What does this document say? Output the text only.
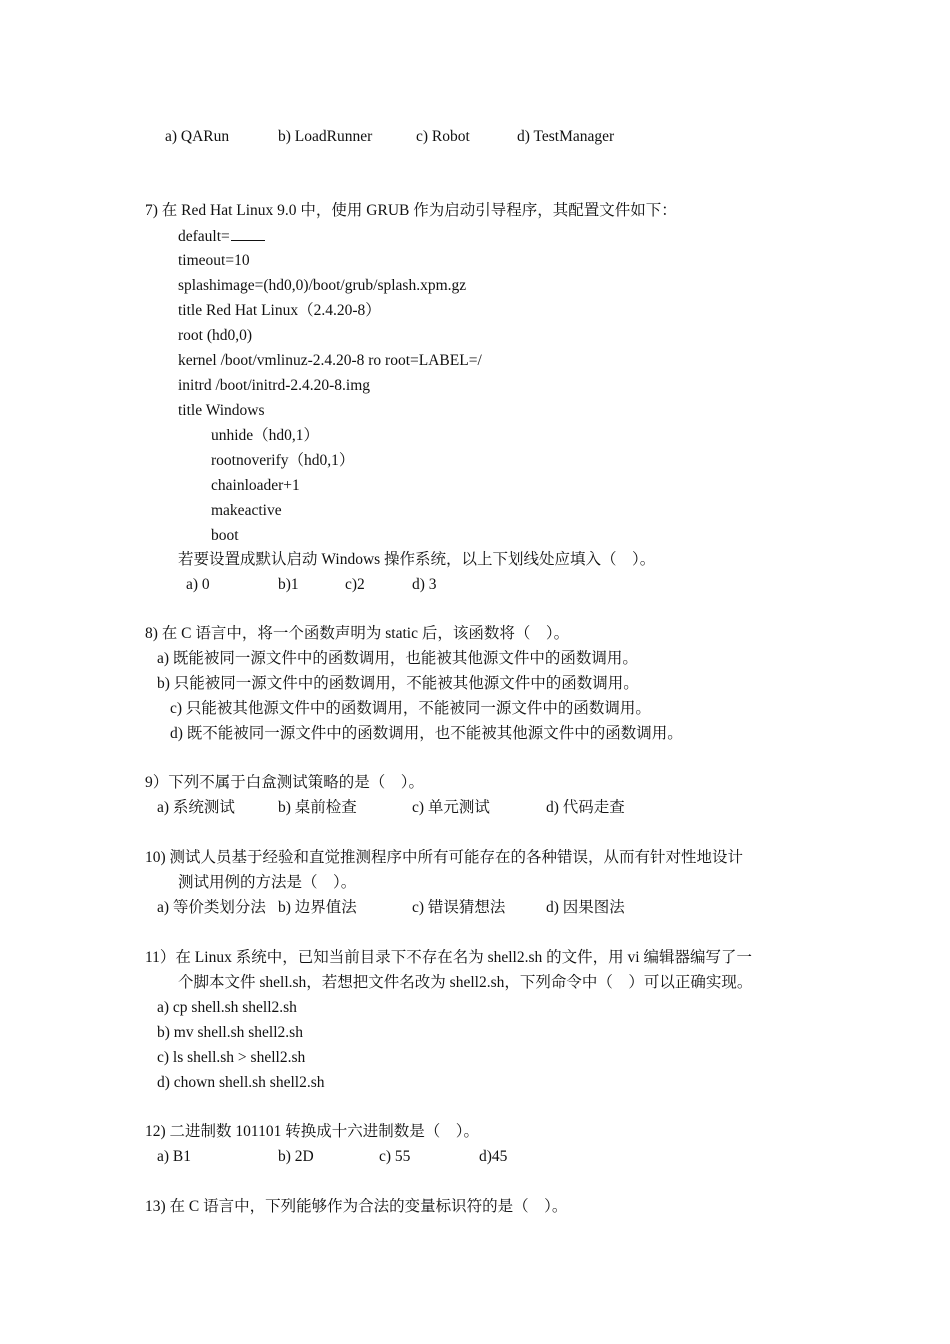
a) QARun	b) LoadRunner	c) Robot	d) TestManager
7) 在 Red Hat Linux 9.0 中，使用 GRUB 作为启动引导程序，其配置文件如下：
default=
timeout=10
splashimage=(hd0,0)/boot/grub/splash.xpm.gz
title Red Hat Linux（2.4.20-8）
root (hd0,0)
kernel /boot/vmlinuz-2.4.20-8 ro root=LABEL=/
initrd /boot/initrd-2.4.20-8.img
title Windows
unhide（hd0,1）
rootnoverify（hd0,1）
chainloader+1
makeactive
boot
若要设置成默认启动 Windows 操作系统，以上下划线处应填入（　）。
a) 0	b)1	c)2	d) 3
8) 在 C 语言中，将一个函数声明为 static 后，该函数将（　）。
a) 既能被同一源文件中的函数调用，也能被其他源文件中的函数调用。
b) 只能被同一源文件中的函数调用，不能被其他源文件中的函数调用。
c) 只能被其他源文件中的函数调用，不能被同一源文件中的函数调用。
d) 既不能被同一源文件中的函数调用，也不能被其他源文件中的函数调用。
9）下列不属于白盒测试策略的是（　）。
a) 系统测试	b) 桌前检查	c) 单元测试	d) 代码走查
10) 测试人员基于经验和直觉推测程序中所有可能存在的各种错误，从而有针对性地设计
测试用例的方法是（　）。
a) 等价类划分法 b) 边界值法	c) 错误猜想法	d) 因果图法
11）在 Linux 系统中，已知当前目录下不存在名为 shell2.sh 的文件，用 vi 编辑器编写了一
个脚本文件 shell.sh，若想把文件名改为 shell2.sh，下列命令中（　）可以正确实现。
a) cp shell.sh shell2.sh
b) mv shell.sh shell2.sh
c) ls shell.sh > shell2.sh
d) chown shell.sh shell2.sh
12) 二进制数 101101 转换成十六进制数是（　）。
a) B1	b) 2D	c) 55	d)45
13) 在 C 语言中，下列能够作为合法的变量标识符的是（　）。
